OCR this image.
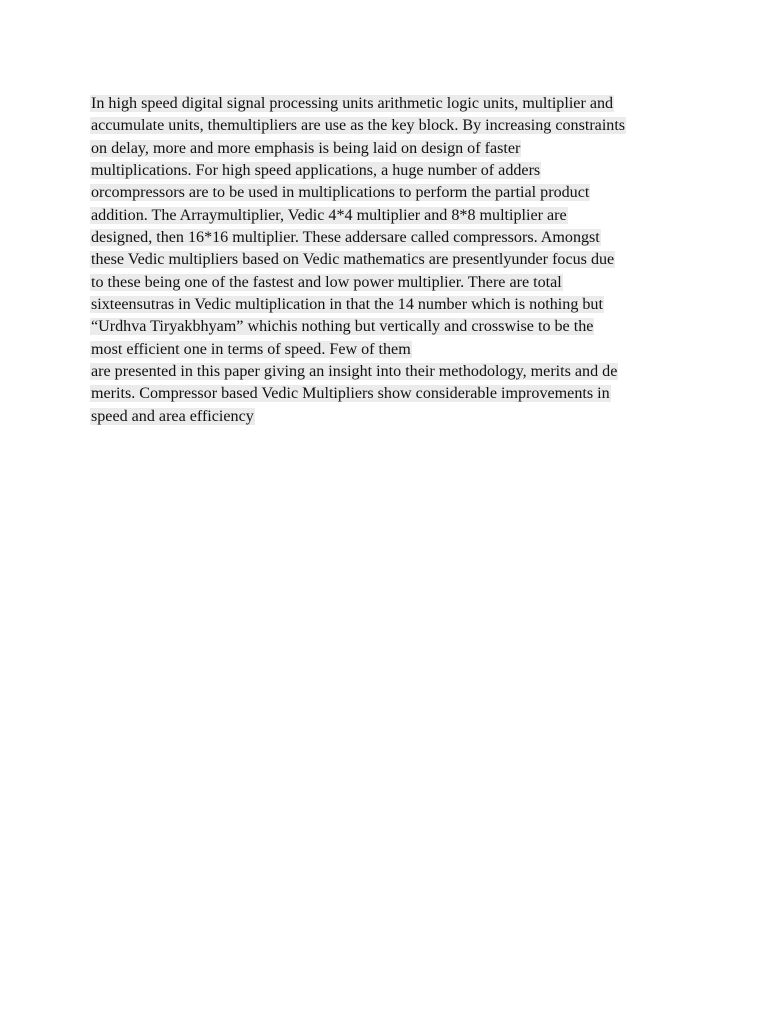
In high speed digital signal processing units arithmetic logic units, multiplier and
accumulate units, themultipliers are use as the key block. By increasing constraints
on delay, more and more emphasis is being laid on design of faster
multiplications. For high speed applications, a huge number of adders
orcompressors are to be used in multiplications to perform the partial product
addition. The Arraymultiplier, Vedic 4*4 multiplier and 8*8 multiplier are
designed, then 16*16 multiplier. These addersare called compressors. Amongst
these Vedic multipliers based on Vedic mathematics are presentlyunder focus due
to these being one of the fastest and low power multiplier. There are total
sixteensutras in Vedic multiplication in that the 14 number which is nothing but
“Urdhva Tiryakbhyam” whichis nothing but vertically and crosswise to be the
most efficient one in terms of speed. Few of them
are presented in this paper giving an insight into their methodology, merits and de
merits. Compressor based Vedic Multipliers show considerable improvements in
speed and area efficiency
